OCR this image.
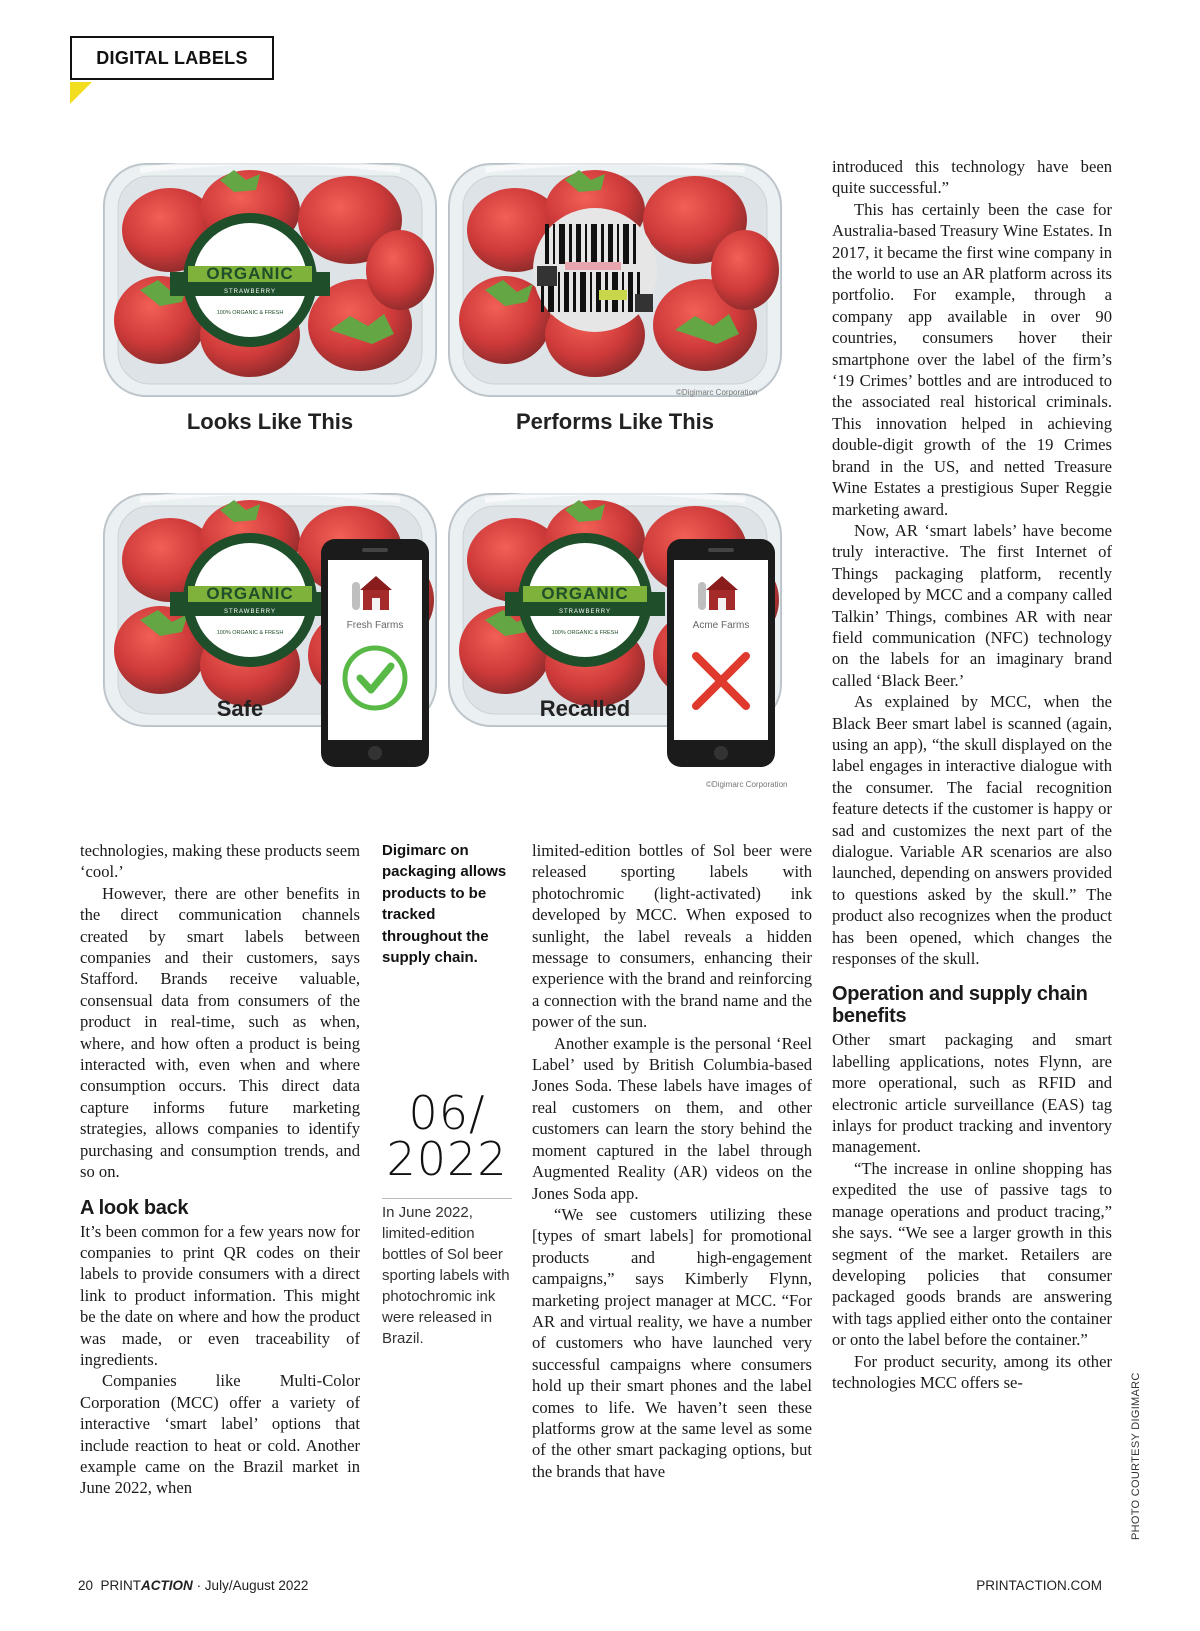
DIGITAL LABELS
ORGANIC
STRAWBERRY
100% ORGANIC & FRESH
ORGANIC
STRAWBERRY
100% ORGANIC & FRESH
ORGANIC
STRAWBERRY
100% ORGANIC & FRESH
Fresh Farms	Acme Farms
Looks Like This	Performs Like This
Safe	Recalled
©Digimarc Corporation
©Digimarc Corporation

technologies, making these products seem ‘cool.’

However, there are other benefits in the direct communication channels created by smart labels between companies and their customers, says Stafford. Brands receive valuable, consensual data from consumers of the product in real-time, such as when, where, and how often a product is being interacted with, even when and where consumption occurs. This direct data capture informs future marketing strategies, allows companies to identify purchasing and consumption trends, and so on.

A look back

It’s been common for a few years now for companies to print QR codes on their labels to provide consumers with a direct link to product information. This might be the date on where and how the product was made, or even traceability of ingredients.

Companies like Multi-Color Corporation (MCC) offer a variety of interactive ‘smart label’ options that include reaction to heat or cold. Another example came on the Brazil market in June 2022, when

Digimarc on packaging allows products to be tracked throughout the supply chain.
06/ 2022
In June 2022, limited-edition bottles of Sol beer sporting labels with photochromic ink were released in Brazil.

limited-edition bottles of Sol beer were released sporting labels with photochromic (light-activated) ink developed by MCC. When exposed to sunlight, the label reveals a hidden message to consumers, enhancing their experience with the brand and reinforcing a connection with the brand name and the power of the sun.

Another example is the personal ‘Reel Label’ used by British Columbia-based Jones Soda. These labels have images of real customers on them, and other customers can learn the story behind the moment captured in the label through Augmented Reality (AR) videos on the Jones Soda app.

“We see customers utilizing these [types of smart labels] for promotional products and high-engagement campaigns,” says Kimberly Flynn, marketing project manager at MCC. “For AR and virtual reality, we have a number of customers who have launched very successful campaigns where consumers hold up their smart phones and the label comes to life. We haven’t seen these platforms grow at the same level as some of the other smart packaging options, but the brands that have

introduced this technology have been quite successful.”

This has certainly been the case for Australia-based Treasury Wine Estates. In 2017, it became the first wine company in the world to use an AR platform across its portfolio. For example, through a company app available in over 90 countries, consumers hover their smartphone over the label of the firm’s ‘19 Crimes’ bottles and are introduced to the associated real historical criminals. This innovation helped in achieving double-digit growth of the 19 Crimes brand in the US, and netted Treasure Wine Estates a prestigious Super Reggie marketing award.

Now, AR ‘smart labels’ have become truly interactive. The first Internet of Things packaging platform, recently developed by MCC and a company called Talkin’ Things, combines AR with near field communication (NFC) technology on the labels for an imaginary brand called ‘Black Beer.’

As explained by MCC, when the Black Beer smart label is scanned (again, using an app), “the skull displayed on the label engages in interactive dialogue with the consumer. The facial recognition feature detects if the customer is happy or sad and customizes the next part of the dialogue. Variable AR scenarios are also launched, depending on answers provided to questions asked by the skull.” The product also recognizes when the product has been opened, which changes the responses of the skull.

Operation and supply chain benefits

Other smart packaging and smart labelling applications, notes Flynn, are more operational, such as RFID and electronic article surveillance (EAS) tag inlays for product tracking and inventory management.

“The increase in online shopping has expedited the use of passive tags to manage operations and product tracing,” she says. “We see a larger growth in this segment of the market. Retailers are developing policies that consumer packaged goods brands are answering with tags applied either onto the container or onto the label before the container.”

For product security, among its other technologies MCC offers se-	PHOTO COURTESY DIGIMARC
20 PRINTACTION · July/August 2022	PRINTACTION.COM
